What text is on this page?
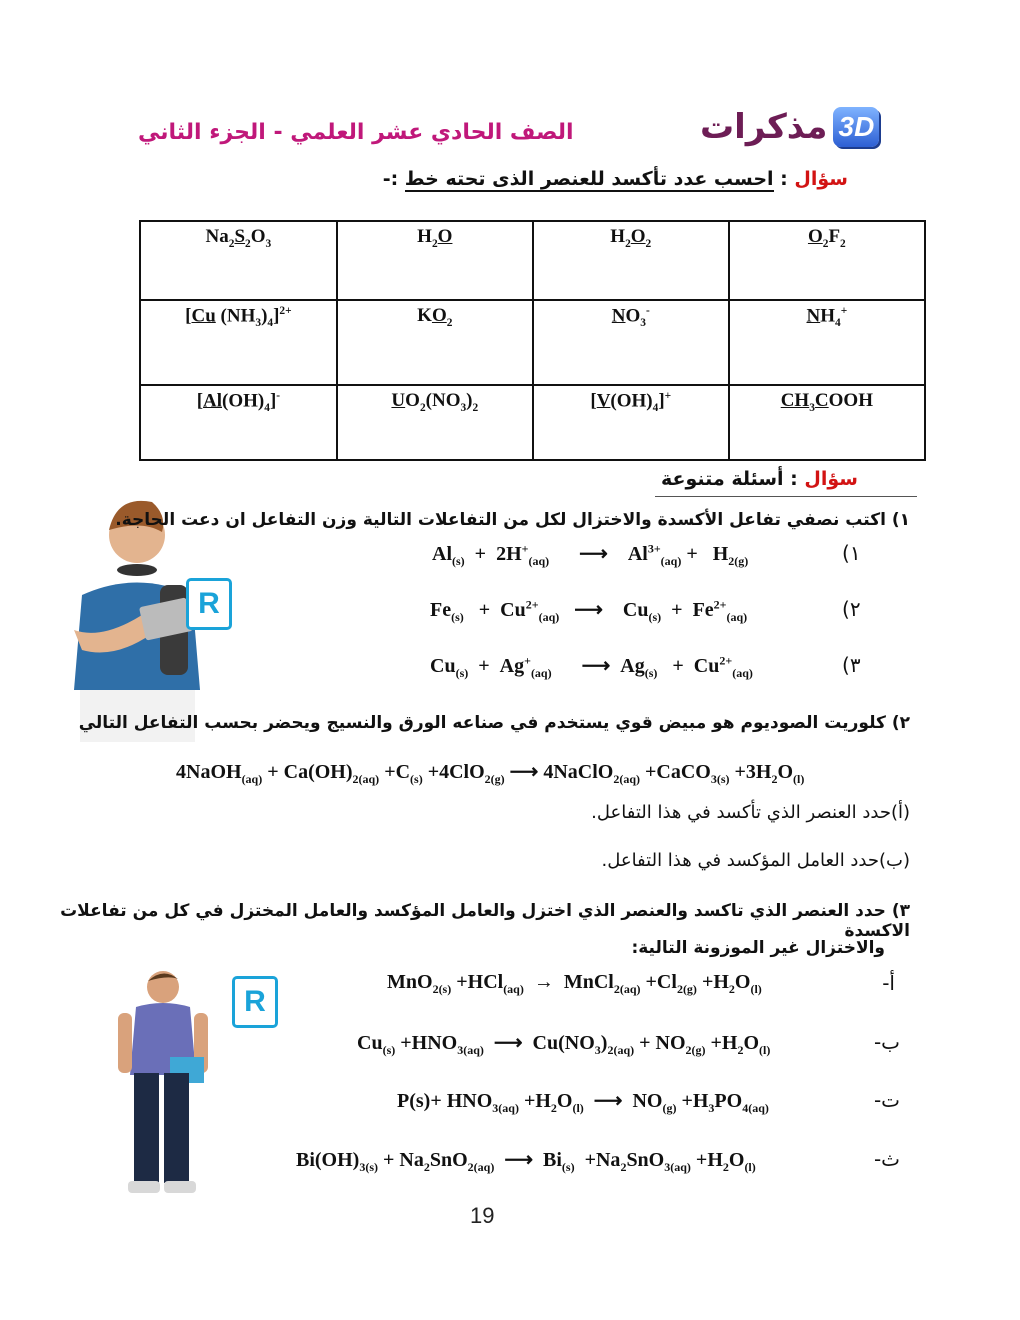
مذكرات 3D
الصف الحادي عشر العلمي - الجزء الثاني
سؤال : احسب عدد تأكسد للعنصر الذى تحته خط :-
$Na_2S_2O_3$	$H_2O$	$H_2O_2$	$O_2F_2$
[Cu $(NH_3)_4]^{2+}$	$KO_2$	$NO_3^-$	$NH_4^+$
$[Al(OH)_4]^-$	$UO_2(NO_3)_2$	$[V(OH)_4]^+$	$CH_3COOH$
سؤال : أسئلة متنوعة
R
١) اكتب نصفي تفاعل الأكسدة والاختزال لكل من التفاعلات التالية وزن التفاعل ان دعت الحاجة.
$Al_{(s)} + 2H^+_{(aq)}$      ⟶    $Al^{3+}_{(aq)} + H_{2(g)}$	(١
$Fe_{(s)} + Cu^{2+}_{(aq)}$   ⟶    $Cu_{(s)} + Fe^{2+}_{(aq)}$	(٢
$Cu_{(s)} + Ag^+_{(aq)}$      ⟶  $Ag_{(s)} + Cu^{2+}_{(aq)}$	(٣
٢) كلوريت الصوديوم هو مبيض قوي يستخدم في صناعه الورق والنسيج ويحضر بحسب التفاعل التالي
4NaOH$_{(aq)}$ + $Ca(OH)_{2(aq)} +C_{(s)} +4ClO_{2(g)}$ ⟶ 4NaClO$_{2(aq)}$ +CaCO$_{3(s)}$ $+3H_2O_{(l)}$
(أ)حدد العنصر الذي تأكسد في هذا التفاعل.
(ب)حدد العامل المؤكسد في هذا التفاعل.
٣) حدد العنصر الذي تاكسد والعنصر الذي اختزل والعامل المؤكسد والعامل المختزل في كل من تفاعلات الاكسدة
والاختزال غير الموزونة التالية:
R
MnO$_{2(s)}$ +HCl$_{(aq)}$  →  MnCl$_{2(aq)}$ $+Cl_{2(g)} +H_2O_{(l)}$	أ-
$Cu_{(s)} +HNO_{3(aq)}$  ⟶  $Cu(NO_3)_{2(aq)} + NO_{2(g)} +H_2O_{(l)}$	ب-
$P(s)+ HNO_{3(aq)} +H_2O_{(l)}$  ⟶  $NO_{(g)} +H_3PO_{4(aq)}$	ت-
$Bi(OH)_{3(s)} + Na_2SnO_{2(aq)}$  ⟶  $Bi_{(s)} +Na_2SnO_{3(aq)} +H_2O_{(l)}$	ث-
19
